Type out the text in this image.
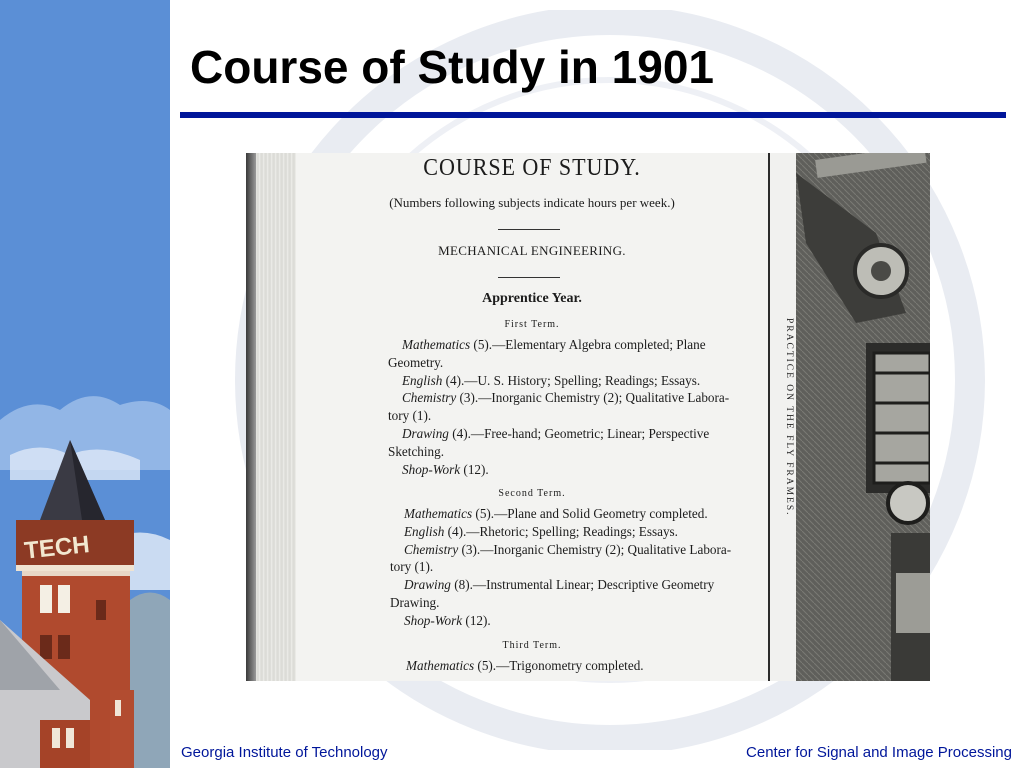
TECH
Course of Study in 1901
COURSE OF STUDY.
(Numbers following subjects indicate hours per week.)
MECHANICAL ENGINEERING.
Apprentice Year.
First Term.
Mathematics (5).—Elementary Algebra completed; Plane
Geometry.
English (4).—U. S. History; Spelling; Readings; Essays.
Chemistry (3).—Inorganic Chemistry (2); Qualitative Labora-
tory (1).
Drawing (4).—Free-hand; Geometric; Linear; Perspective
Sketching.
Shop-Work (12).
Second Term.
Mathematics (5).—Plane and Solid Geometry completed.
English (4).—Rhetoric; Spelling; Readings; Essays.
Chemistry (3).—Inorganic Chemistry (2); Qualitative Labora-
tory (1).
Drawing (8).—Instrumental Linear; Descriptive Geometry
Drawing.
Shop-Work (12).
Third Term.
Mathematics (5).—Trigonometry completed.
PRACTICE ON THE FLY FRAMES.
Georgia Institute of Technology	Center for Signal and Image Processing
